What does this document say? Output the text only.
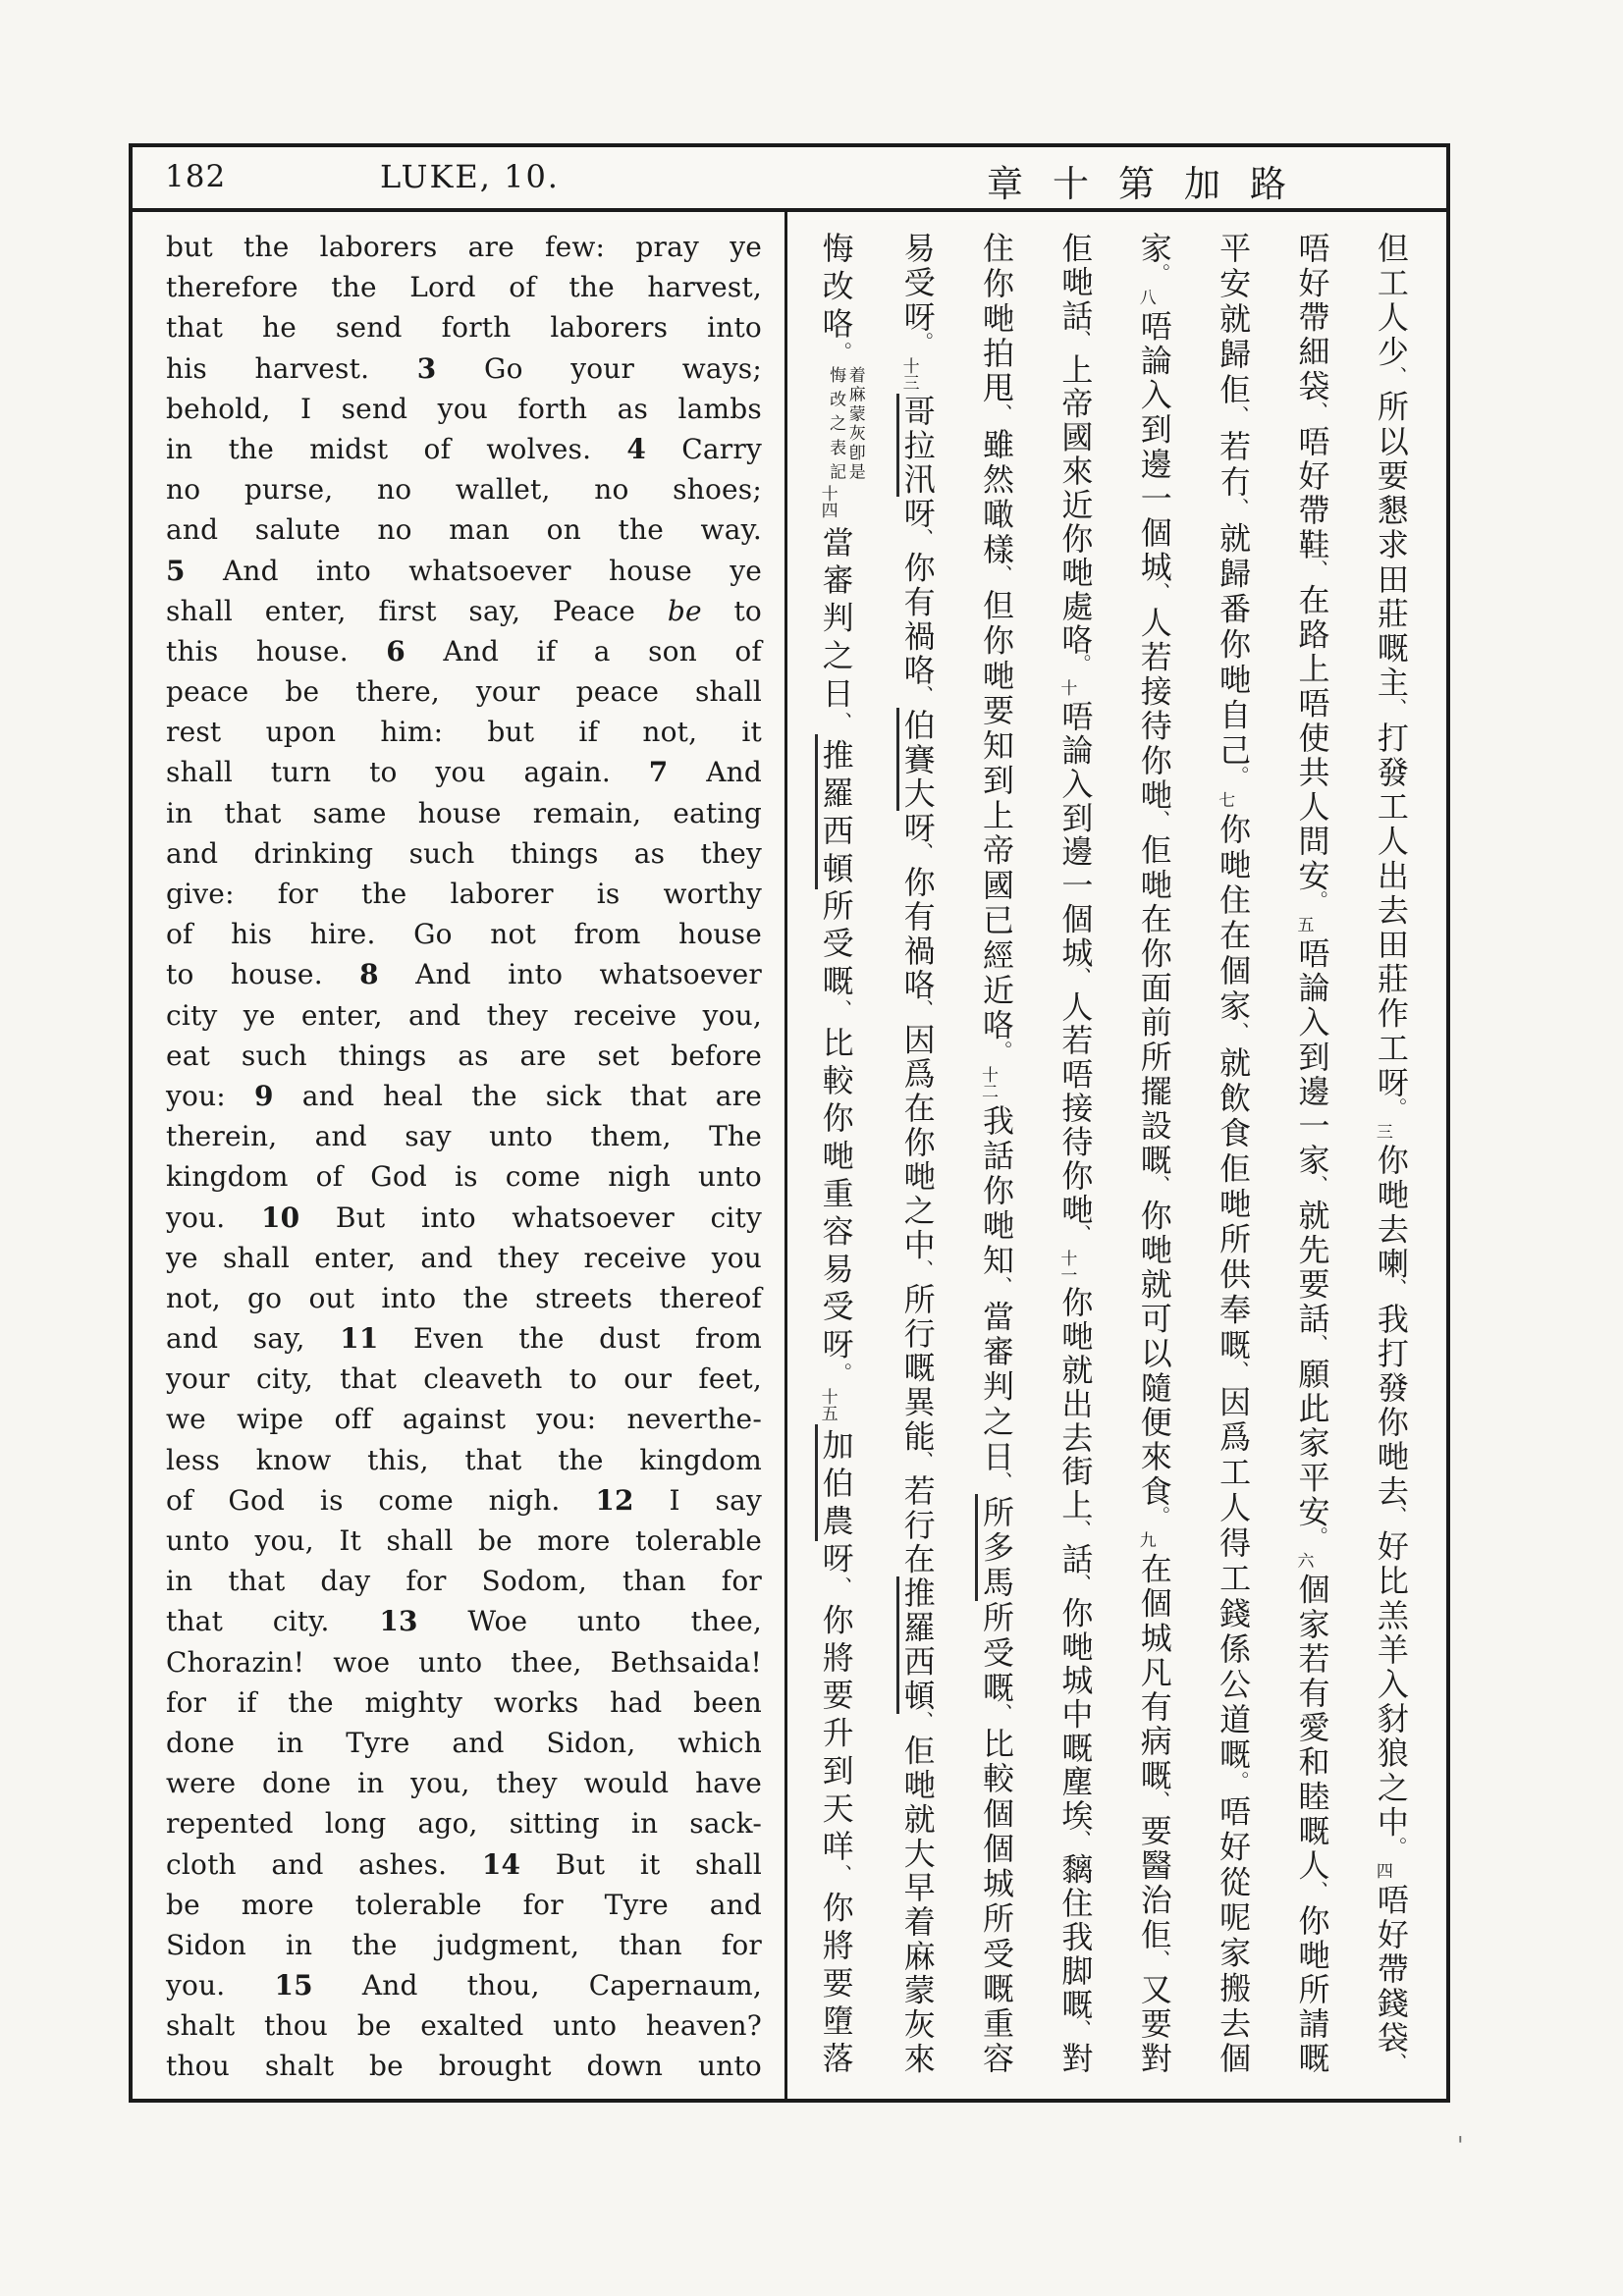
182	LUKE, 10.	章十第加路
but the laborers are few: pray ye
therefore the Lord of the harvest,
that he send forth laborers into
his harvest. 3 Go your ways;
behold, I send you forth as lambs
in the midst of wolves. 4 Carry
no purse, no wallet, no shoes;
and salute no man on the way.
5 And into whatsoever house ye
shall enter, first say, Peace be to
this house. 6 And if a son of
peace be there, your peace shall
rest upon him: but if not, it
shall turn to you again. 7 And
in that same house remain, eating
and drinking such things as they
give: for the laborer is worthy
of his hire. Go not from house
to house. 8 And into whatsoever
city ye enter, and they receive you,
eat such things as are set before
you: 9 and heal the sick that are
therein, and say unto them, The
kingdom of God is come nigh unto
you. 10 But into whatsoever city
ye shall enter, and they receive you
not, go out into the streets thereof
and say, 11 Even the dust from
your city, that cleaveth to our feet,
we wipe off against you: neverthe-
less know this, that the kingdom
of God is come nigh. 12 I say
unto you, It shall be more tolerable
in that day for Sodom, than for
that city. 13 Woe unto thee,
Chorazin! woe unto thee, Bethsaida!
for if the mighty works had been
done in Tyre and Sidon, which
were done in you, they would have
repented long ago, sitting in sack-
cloth and ashes. 14 But it shall
be more tolerable for Tyre and
Sidon in the judgment, than for
you. 15 And thou, Capernaum,
shalt thou be exalted unto heaven?
thou shalt be brought down unto
但工人少、所以要懇求田莊嘅主、打發工人出去田莊作工呀。三你哋去喇、我打發你哋去、好比羔羊入豺狼之中。四唔好帶錢袋、
唔好帶細袋、唔好帶鞋、在路上唔使共人問安。五唔論入到邊一家、就先要話、願此家平安。六個家若有愛和睦嘅人、你哋所請嘅
平安就歸佢、若冇、就歸番你哋自己。七你哋住在個家、就飲食佢哋所供奉嘅、因爲工人得工錢係公道嘅。唔好從呢家搬去個
家。八唔論入到邊一個城、人若接待你哋、佢哋在你面前所擺設嘅、你哋就可以隨便來食。九在個城凡有病嘅、要醫治佢、又要對
佢哋話、上帝國來近你哋處咯。十唔論入到邊一個城、人若唔接待你哋、十一你哋就出去街上、話、你哋城中嘅塵埃、黐住我脚嘅、對
住你哋拍甩、雖然噉樣、但你哋要知到上帝國已經近咯。十二我話你哋知、當審判之日、所多馬所受嘅、比較個個城所受嘅重容
易受呀。十三哥拉汛呀、你有禍咯、伯賽大呀、你有禍咯、因爲在你哋之中、所行嘅異能、若行在推羅西頓、佢哋就大早着麻蒙灰來
悔改咯。着麻蒙灰卽是悔改之表記十四當審判之日、推羅西頓所受嘅、比較你哋重容易受呀。十五加伯農呀、你將要升到天咩、你將要墮落
'
